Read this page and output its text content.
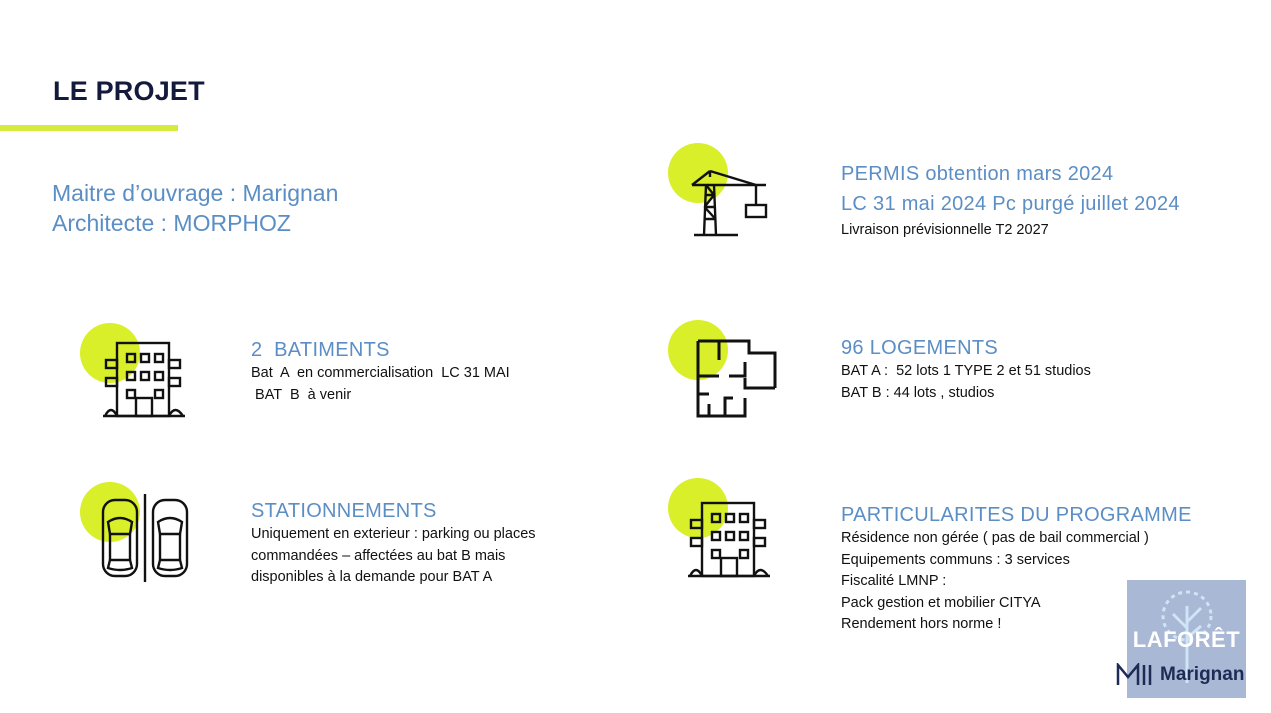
LE PROJET
Maitre d’ouvrage : Marignan
Architecte : MORPHOZ
PERMIS obtention mars 2024
LC 31 mai 2024 Pc purgé juillet 2024
Livraison prévisionnelle T2 2027
2  BATIMENTS
Bat  A  en commercialisation  LC 31 MAI
BAT  B  à venir
96 LOGEMENTS
BAT A :  52 lots 1 TYPE 2 et 51 studios
BAT B : 44 lots , studios
STATIONNEMENTS
Uniquement en exterieur : parking ou places commandées – affectées au bat B mais disponibles à la demande pour BAT A
PARTICULARITES DU PROGRAMME
Résidence non gérée ( pas de bail commercial )
Equipements communs : 3 services
Fiscalité LMNP :
Pack gestion et mobilier CITYA
Rendement hors norme !
LAFORÊT
Marignan
